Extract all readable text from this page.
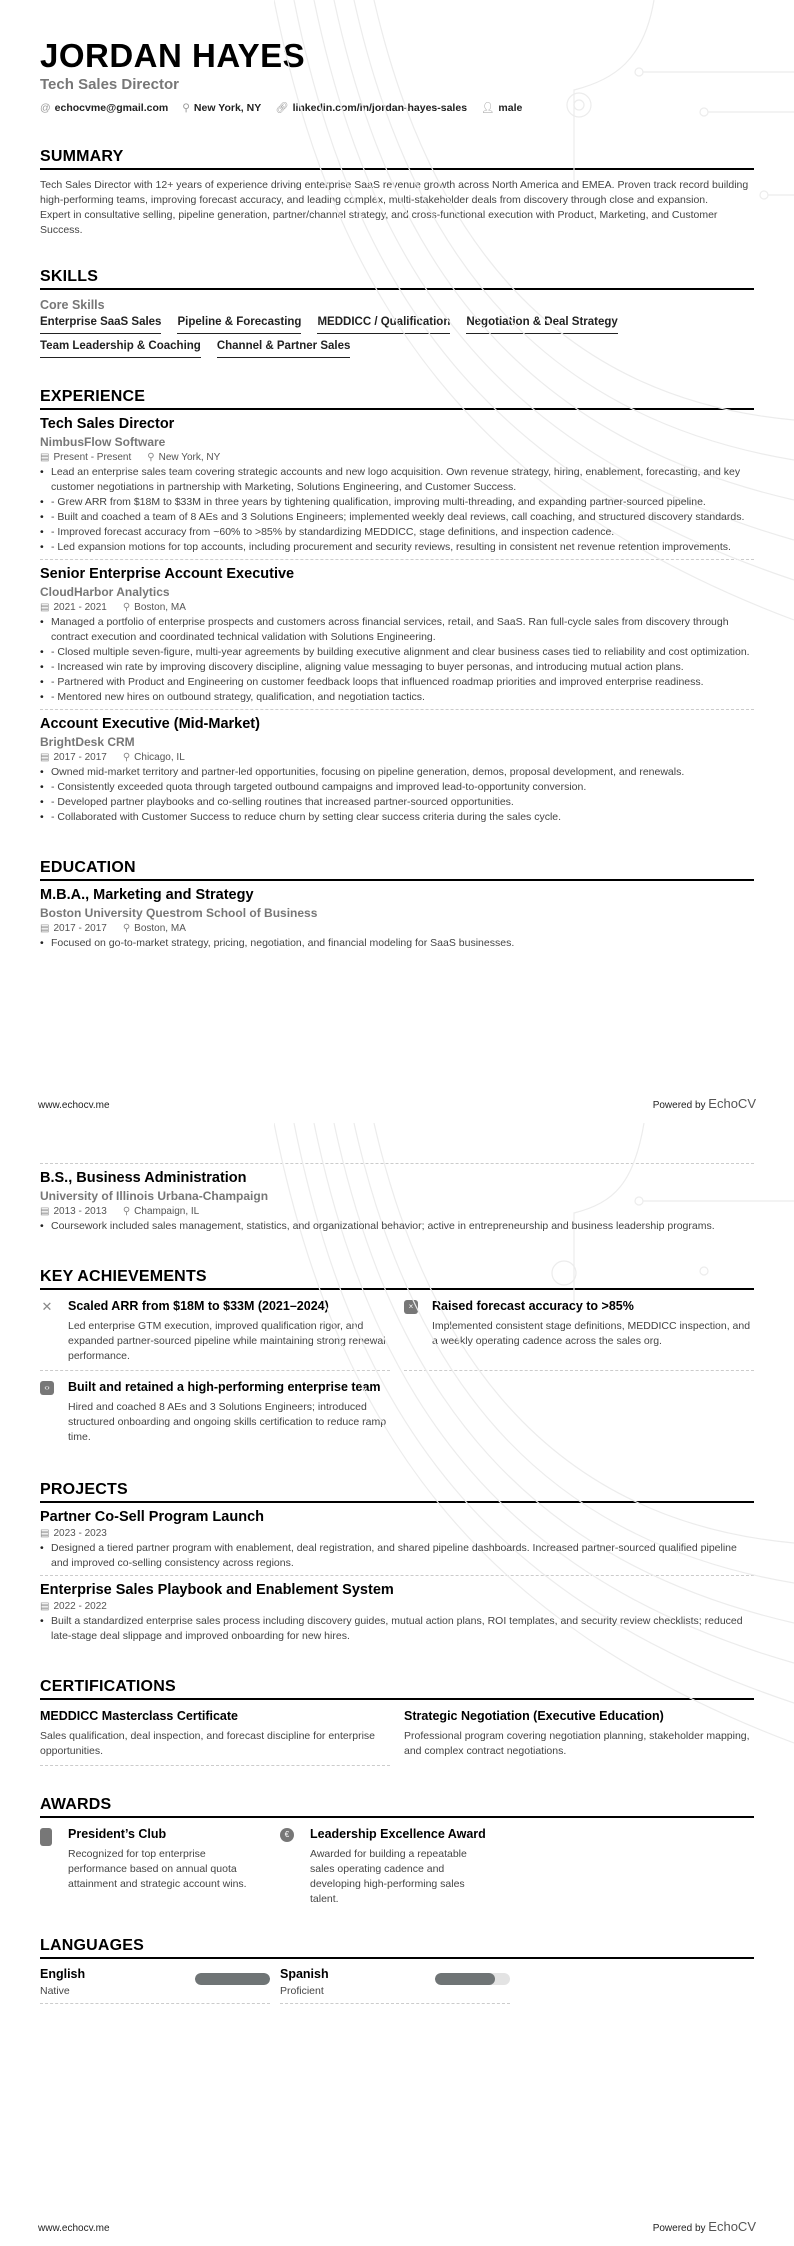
JORDAN HAYES
Tech Sales Director
@ echocvme@gmail.com ⚲ New York, NY 🔗︎ linkedin.com/in/jordan-hayes-sales 👤︎ male
SUMMARY

Tech Sales Director with 12+ years of experience driving enterprise SaaS revenue growth across North America and EMEA. Proven track record building high-performing teams, improving forecast accuracy, and leading complex, multi-stakeholder deals from discovery through close and expansion.

Expert in consultative selling, pipeline generation, partner/channel strategy, and cross-functional execution with Product, Marketing, and Customer Success.

SKILLS
Core Skills
Enterprise SaaS Sales Pipeline & Forecasting MEDDICC / Qualification Negotiation & Deal Strategy
Team Leadership & Coaching Channel & Partner Sales
EXPERIENCE
Tech Sales Director
NimbusFlow Software
▤ Present - Present ⚲ New York, NY
• Lead an enterprise sales team covering strategic accounts and new logo acquisition. Own revenue strategy, hiring, enablement, forecasting, and key customer negotiations in partnership with Marketing, Solutions Engineering, and Customer Success.
• - Grew ARR from $18M to $33M in three years by tightening qualification, improving multi-threading, and expanding partner-sourced pipeline.
• - Built and coached a team of 8 AEs and 3 Solutions Engineers; implemented weekly deal reviews, call coaching, and structured discovery standards.
• - Improved forecast accuracy from ~60% to >85% by standardizing MEDDICC, stage definitions, and inspection cadence.
• - Led expansion motions for top accounts, including procurement and security reviews, resulting in consistent net revenue retention improvements.
Senior Enterprise Account Executive
CloudHarbor Analytics
▤ 2021 - 2021 ⚲ Boston, MA
• Managed a portfolio of enterprise prospects and customers across financial services, retail, and SaaS. Ran full-cycle sales from discovery through contract execution and coordinated technical validation with Solutions Engineering.
• - Closed multiple seven-figure, multi-year agreements by building executive alignment and clear business cases tied to reliability and cost optimization.
• - Increased win rate by improving discovery discipline, aligning value messaging to buyer personas, and introducing mutual action plans.
• - Partnered with Product and Engineering on customer feedback loops that influenced roadmap priorities and improved enterprise readiness.
• - Mentored new hires on outbound strategy, qualification, and negotiation tactics.
Account Executive (Mid-Market)
BrightDesk CRM
▤ 2017 - 2017 ⚲ Chicago, IL
• Owned mid-market territory and partner-led opportunities, focusing on pipeline generation, demos, proposal development, and renewals.
• - Consistently exceeded quota through targeted outbound campaigns and improved lead-to-opportunity conversion.
• - Developed partner playbooks and co-selling routines that increased partner-sourced opportunities.
• - Collaborated with Customer Success to reduce churn by setting clear success criteria during the sales cycle.
EDUCATION
M.B.A., Marketing and Strategy
Boston University Questrom School of Business
▤ 2017 - 2017 ⚲ Boston, MA
• Focused on go-to-market strategy, pricing, negotiation, and financial modeling for SaaS businesses.
www.echocv.me	Powered by EchoCV
B.S., Business Administration
University of Illinois Urbana-Champaign
▤ 2013 - 2013 ⚲ Champaign, IL
• Coursework included sales management, statistics, and organizational behavior; active in entrepreneurship and business leadership programs.
KEY ACHIEVEMENTS
✕ Scaled ARR from $18M to $33M (2021–2024)

Led enterprise GTM execution, improved qualification rigor, and expanded partner-sourced pipeline while maintaining strong renewal performance.

×	Raised forecast accuracy to >85%

Implemented consistent stage definitions, MEDDICC inspection, and a weekly operating cadence across the sales org.

‹›	Built and retained a high-performing enterprise team

Hired and coached 8 AEs and 3 Solutions Engineers; introduced structured onboarding and ongoing skills certification to reduce ramp time.

PROJECTS
Partner Co-Sell Program Launch
▤ 2023 - 2023
• Designed a tiered partner program with enablement, deal registration, and shared pipeline dashboards. Increased partner-sourced qualified pipeline and improved co-selling consistency across regions.
Enterprise Sales Playbook and Enablement System
▤ 2022 - 2022
• Built a standardized enterprise sales process including discovery guides, mutual action plans, ROI templates, and security review checklists; reduced late-stage deal slippage and improved onboarding for new hires.
CERTIFICATIONS
MEDDICC Masterclass Certificate

Sales qualification, deal inspection, and forecast discipline for enterprise opportunities.

Strategic Negotiation (Executive Education)

Professional program covering negotiation planning, stakeholder mapping, and complex contract negotiations.

AWARDS
President’s Club

Recognized for top enterprise performance based on annual quota attainment and strategic account wins.

€	Leadership Excellence Award

Awarded for building a repeatable sales operating cadence and developing high-performing sales talent.

LANGUAGES
English
Native
Spanish
Proficient
www.echocv.me	Powered by EchoCV
